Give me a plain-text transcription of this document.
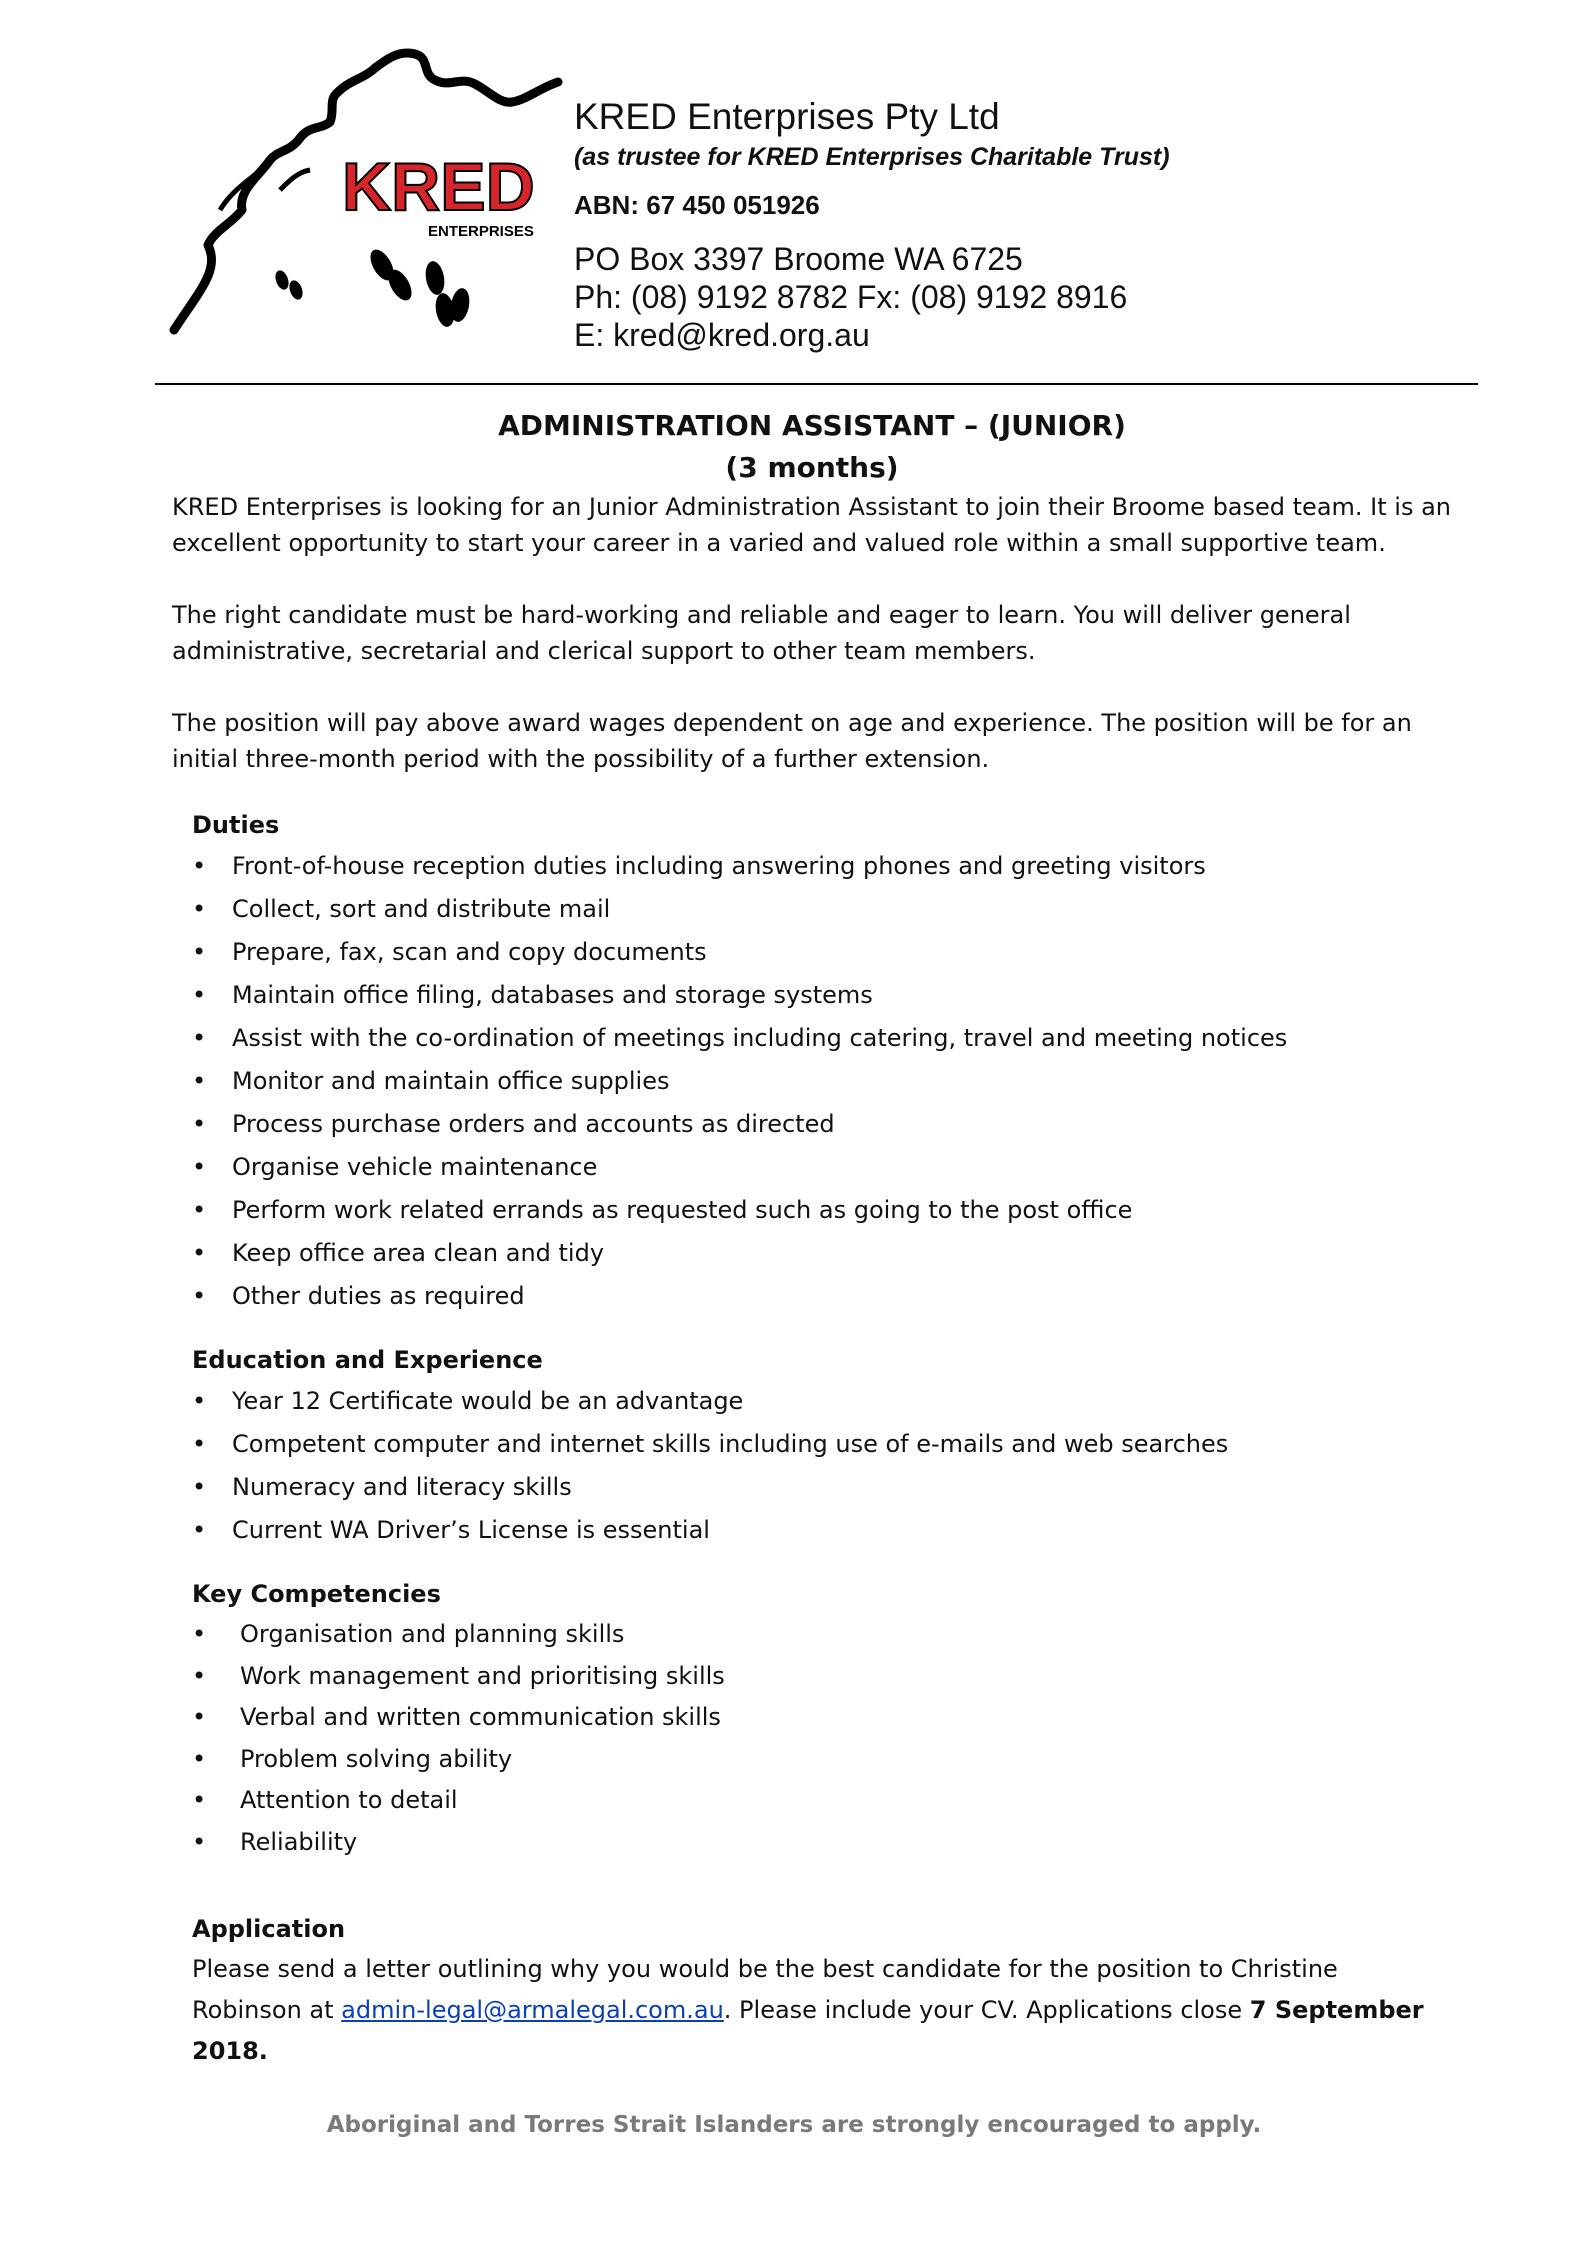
KRED
ENTERPRISES

KRED Enterprises Pty Ltd

(as trustee for KRED Enterprises Charitable Trust)

ABN: 67 450 051926
PO Box 3397 Broome WA 6725
Ph: (08) 9192 8782 Fx: (08) 9192 8916
E: kred@kred.org.au

ADMINISTRATION ASSISTANT – (JUNIOR)

(3 months)

KRED Enterprises is looking for an Junior Administration Assistant to join their Broome based team. It is an excellent opportunity to start your career in a varied and valued role within a small supportive team.

The right candidate must be hard-working and reliable and eager to learn. You will deliver general administrative, secretarial and clerical support to other team members.

The position will pay above award wages dependent on age and experience. The position will be for an initial three-month period with the possibility of a further extension.

Duties
• Front-of-house reception duties including answering phones and greeting visitors
• Collect, sort and distribute mail
• Prepare, fax, scan and copy documents
• Maintain office filing, databases and storage systems
• Assist with the co-ordination of meetings including catering, travel and meeting notices
• Monitor and maintain office supplies
• Process purchase orders and accounts as directed
• Organise vehicle maintenance
• Perform work related errands as requested such as going to the post office
• Keep office area clean and tidy
• Other duties as required
Education and Experience
• Year 12 Certificate would be an advantage
• Competent computer and internet skills including use of e-mails and web searches
• Numeracy and literacy skills
• Current WA Driver’s License is essential
Key Competencies
• Organisation and planning skills
• Work management and prioritising skills
• Verbal and written communication skills
• Problem solving ability
• Attention to detail
• Reliability
Application

Please send a letter outlining why you would be the best candidate for the position to Christine Robinson at admin-legal@armalegal.com.au. Please include your CV. Applications close 7 September 2018.

Aboriginal and Torres Strait Islanders are strongly encouraged to apply.
